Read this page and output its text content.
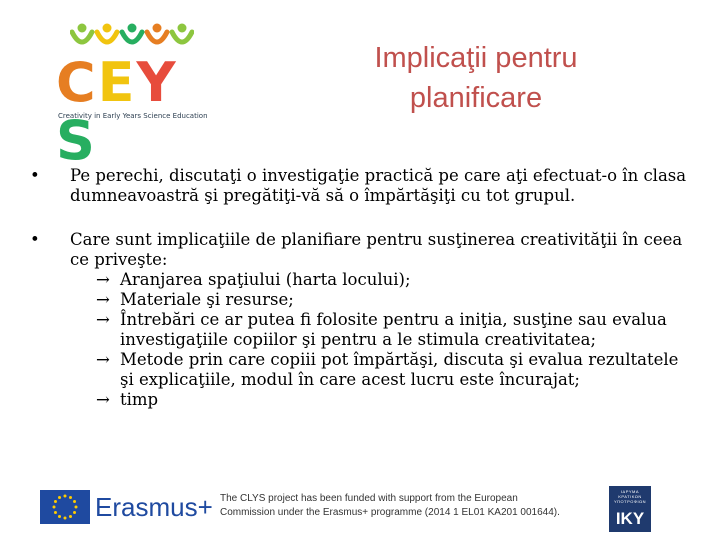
CEYS
Creativity in Early Years Science Education
Implicaţii pentru
planificare
• Pe perechi, discutaţi o investigaţie practică pe care aţi efectuat-o în clasa dumneavoastră şi pregătiţi-vă să o împărtăşiţi cu tot grupul.
• Care sunt implicaţiile de planifiare pentru susţinerea creativităţii în ceea ce priveşte:
→ Aranjarea spaţiului (harta locului);
→ Materiale şi resurse;
→ Întrebări ce ar putea fi folosite pentru a iniţia, susţine sau evalua investigaţiile copiilor şi pentru a le stimula creativitatea;
→ Metode prin care copiii pot împărtăşi, discuta şi evalua rezultatele şi explicaţiile, modul în care acest lucru este încurajat;
→ timp
Erasmus+ The CLYS project has been funded with support from the European
Commission under the Erasmus+ programme (2014 1 EL01 KA201 001644).
ΙΔΡΥΜΑ
ΚΡΑΤΙΚΩΝ
ΥΠΟΤΡΟΦΙΩΝ
IKY
